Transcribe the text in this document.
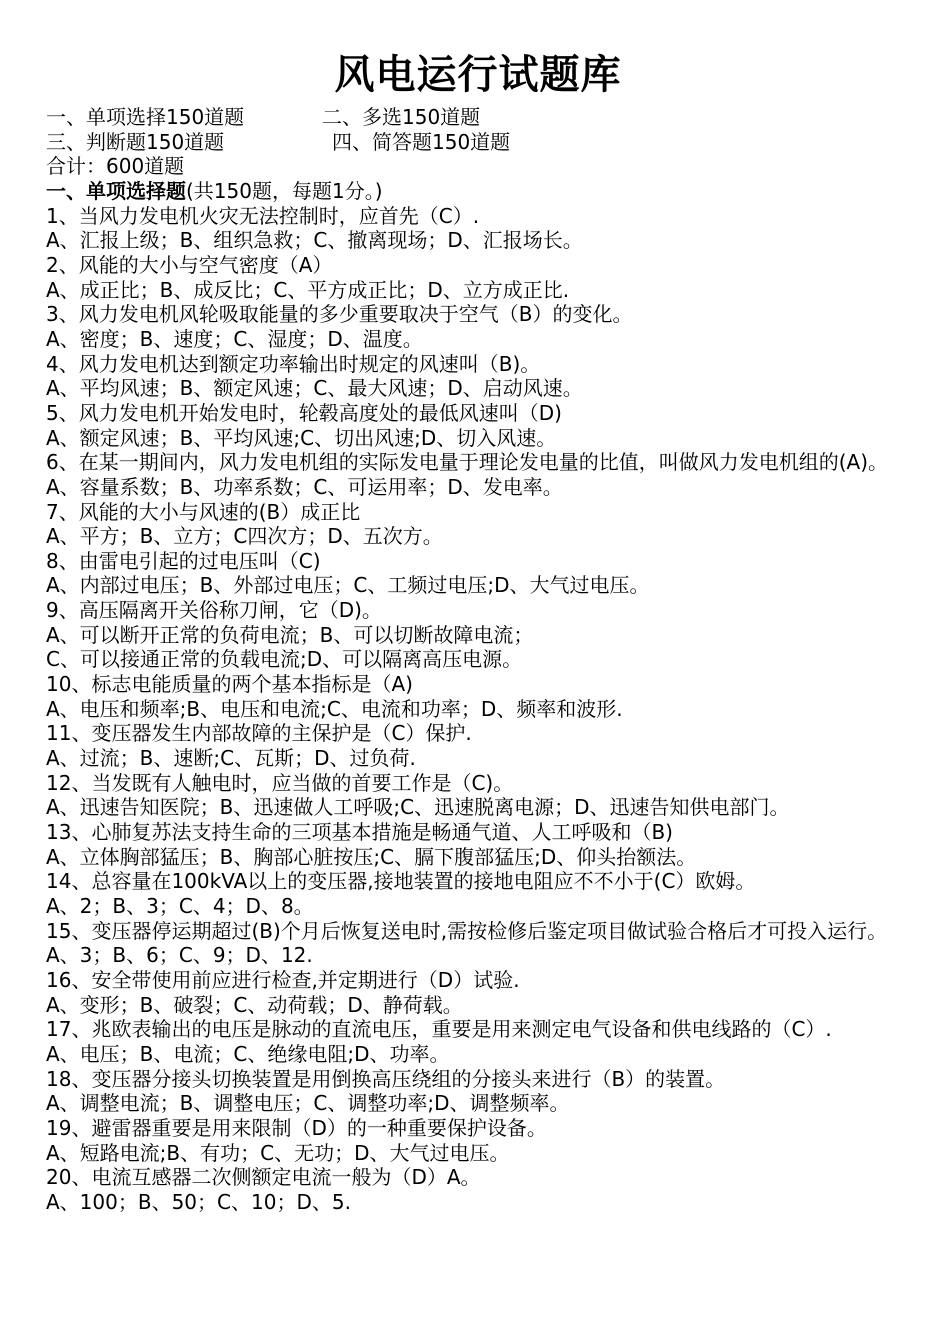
风电运行试题库
一、单项选择150道题	二、多选150道题
三、判断题150道题	四、简答题150道题
合计：600道题
一、单项选择题(共150题，每题1分。)
1、当风力发电机火灾无法控制时，应首先（C）.
A、汇报上级；B、组织急救；C、撤离现场；D、汇报场长。
2、风能的大小与空气密度（A）
A、成正比；B、成反比；C、平方成正比；D、立方成正比.
3、风力发电机风轮吸取能量的多少重要取决于空气（B）的变化。
A、密度；B、速度；C、湿度；D、温度。
4、风力发电机达到额定功率输出时规定的风速叫（B)。
A、平均风速；B、额定风速；C、最大风速；D、启动风速。
5、风力发电机开始发电时，轮毂高度处的最低风速叫（D)
A、额定风速；B、平均风速;C、切出风速;D、切入风速。
6、在某一期间内，风力发电机组的实际发电量于理论发电量的比值，叫做风力发电机组的(A)。
A、容量系数；B、功率系数；C、可运用率；D、发电率。
7、风能的大小与风速的(B）成正比
A、平方；B、立方；C四次方；D、五次方。
8、由雷电引起的过电压叫（C)
A、内部过电压；B、外部过电压；C、工频过电压;D、大气过电压。
9、高压隔离开关俗称刀闸，它（D)。
A、可以断开正常的负荷电流；B、可以切断故障电流；
C、可以接通正常的负载电流;D、可以隔离高压电源。
10、标志电能质量的两个基本指标是（A)
A、电压和频率;B、电压和电流;C、电流和功率；D、频率和波形.
11、变压器发生内部故障的主保护是（C）保护.
A、过流；B、速断;C、瓦斯；D、过负荷.
12、当发既有人触电时，应当做的首要工作是（C)。
A、迅速告知医院；B、迅速做人工呼吸;C、迅速脱离电源；D、迅速告知供电部门。
13、心肺复苏法支持生命的三项基本措施是畅通气道、人工呼吸和（B)
A、立体胸部猛压；B、胸部心脏按压;C、膈下腹部猛压;D、仰头抬额法。
14、总容量在100kVA以上的变压器,接地装置的接地电阻应不不小于(C）欧姆。
A、2；B、3；C、4；D、8。
15、变压器停运期超过(B)个月后恢复送电时,需按检修后鉴定项目做试验合格后才可投入运行。
A、3；B、6；C、9；D、12.
16、安全带使用前应进行检查,并定期进行（D）试验.
A、变形；B、破裂；C、动荷载；D、静荷载。
17、兆欧表输出的电压是脉动的直流电压，重要是用来测定电气设备和供电线路的（C）.
A、电压；B、电流；C、绝缘电阻;D、功率。
18、变压器分接头切换装置是用倒换高压绕组的分接头来进行（B）的装置。
A、调整电流；B、调整电压；C、调整功率;D、调整频率。
19、避雷器重要是用来限制（D）的一种重要保护设备。
A、短路电流;B、有功；C、无功；D、大气过电压。
20、电流互感器二次侧额定电流一般为（D）A。
A、100；B、50；C、10；D、5.
